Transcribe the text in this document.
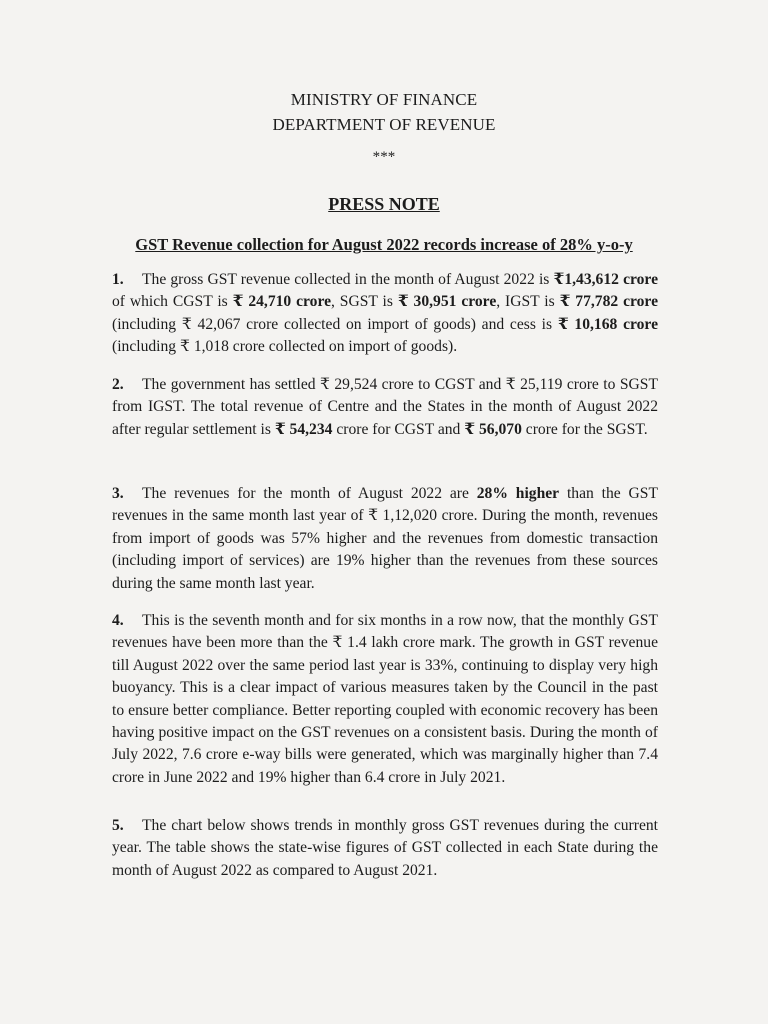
MINISTRY OF FINANCE
DEPARTMENT OF REVENUE
***
PRESS NOTE
GST Revenue collection for August 2022 records increase of 28% y-o-y
1. The gross GST revenue collected in the month of August 2022 is ₹1,43,612 crore of which CGST is ₹ 24,710 crore, SGST is ₹ 30,951 crore, IGST is ₹ 77,782 crore (including ₹ 42,067 crore collected on import of goods) and cess is ₹ 10,168 crore (including ₹ 1,018 crore collected on import of goods).
2. The government has settled ₹ 29,524 crore to CGST and ₹ 25,119 crore to SGST from IGST. The total revenue of Centre and the States in the month of August 2022 after regular settlement is ₹ 54,234 crore for CGST and ₹ 56,070 crore for the SGST.
3. The revenues for the month of August 2022 are 28% higher than the GST revenues in the same month last year of ₹ 1,12,020 crore. During the month, revenues from import of goods was 57% higher and the revenues from domestic transaction (including import of services) are 19% higher than the revenues from these sources during the same month last year.
4. This is the seventh month and for six months in a row now, that the monthly GST revenues have been more than the ₹ 1.4 lakh crore mark. The growth in GST revenue till August 2022 over the same period last year is 33%, continuing to display very high buoyancy. This is a clear impact of various measures taken by the Council in the past to ensure better compliance. Better reporting coupled with economic recovery has been having positive impact on the GST revenues on a consistent basis. During the month of July 2022, 7.6 crore e-way bills were generated, which was marginally higher than 7.4 crore in June 2022 and 19% higher than 6.4 crore in July 2021.
5. The chart below shows trends in monthly gross GST revenues during the current year. The table shows the state-wise figures of GST collected in each State during the month of August 2022 as compared to August 2021.
